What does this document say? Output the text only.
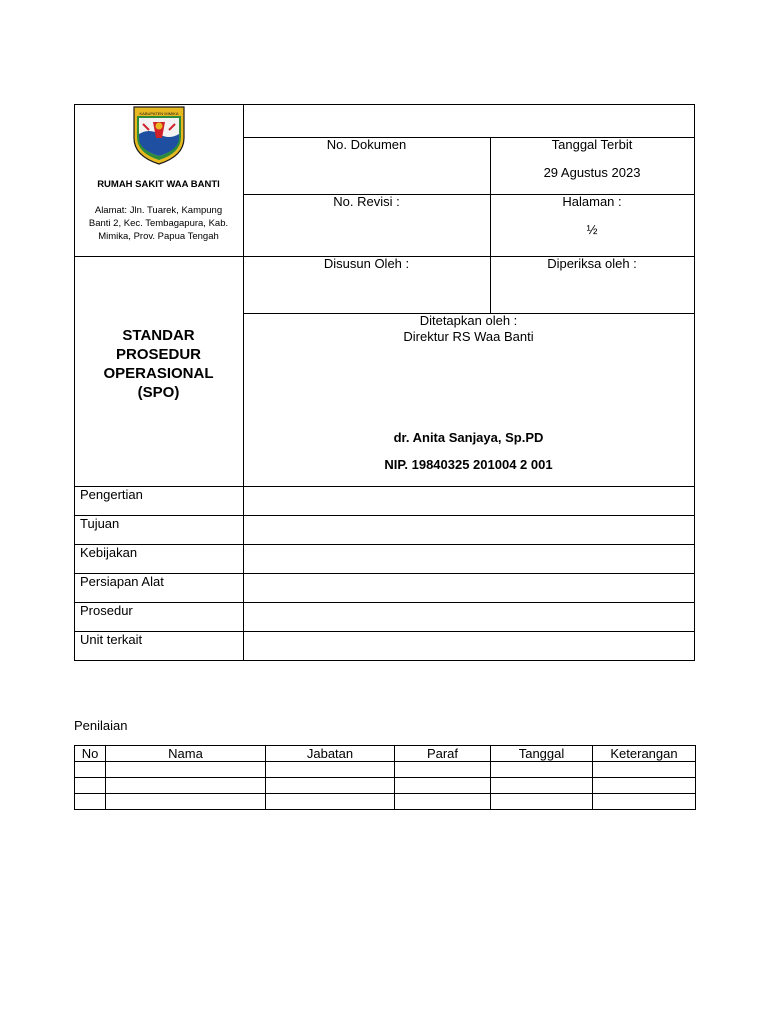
KABUPATEN MIMIKA
RUMAH SAKIT WAA BANTI
Alamat: Jln. Tuarek, Kampung
Banti 2, Kec. Tembagapura, Kab.
Mimika, Prov. Papua Tengah
No. Dokumen	Tanggal Terbit
29 Agustus 2023
No. Revisi :	Halaman :
½
Disusun Oleh :	Diperiksa oleh :
STANDAR
PROSEDUR
OPERASIONAL
(SPO)
Ditetapkan oleh :
Direktur RS Waa Banti
dr. Anita Sanjaya, Sp.PD
NIP. 19840325 201004 2 001
Pengertian
Tujuan
Kebijakan
Persiapan Alat
Prosedur
Unit terkait
Penilaian
No	Nama	Jabatan	Paraf	Tanggal	Keterangan
